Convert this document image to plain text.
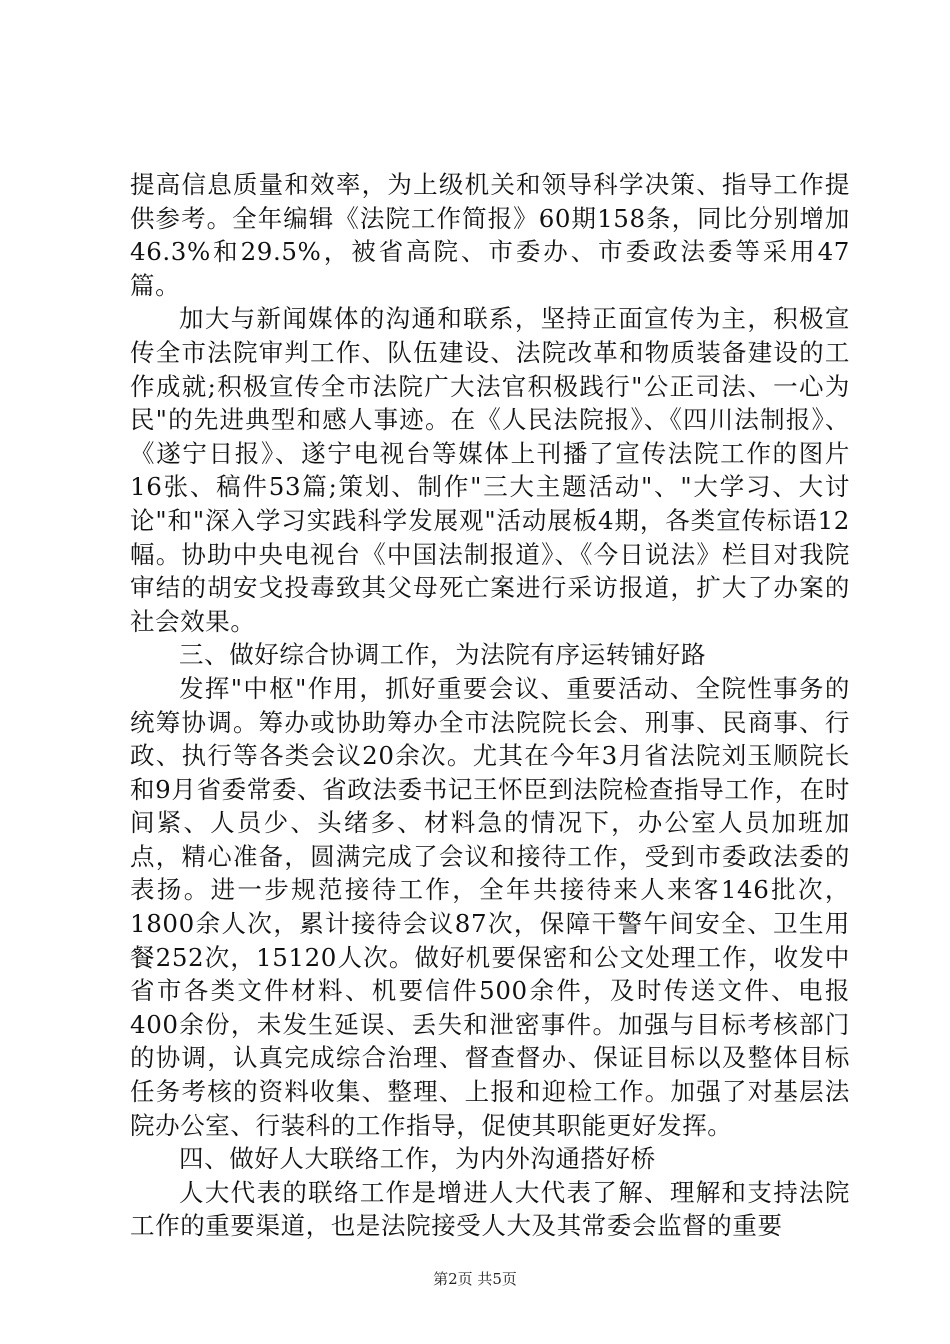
提高信息质量和效率，为上级机关和领导科学决策、指导工作提供参考。全年编辑《法院工作简报》60期158条，同比分别增加46.3%和29.5%，被省高院、市委办、市委政法委等采用47篇。

加大与新闻媒体的沟通和联系，坚持正面宣传为主，积极宣传全市法院审判工作、队伍建设、法院改革和物质装备建设的工作成就;积极宣传全市法院广大法官积极践行"公正司法、一心为民"的先进典型和感人事迹。在《人民法院报》、《四川法制报》、《遂宁日报》、遂宁电视台等媒体上刊播了宣传法院工作的图片16张、稿件53篇;策划、制作"三大主题活动"、"大学习、大讨论"和"深入学习实践科学发展观"活动展板4期，各类宣传标语12幅。协助中央电视台《中国法制报道》、《今日说法》栏目对我院审结的胡安戈投毒致其父母死亡案进行采访报道，扩大了办案的社会效果。

三、做好综合协调工作，为法院有序运转铺好路

发挥"中枢"作用，抓好重要会议、重要活动、全院性事务的统筹协调。筹办或协助筹办全市法院院长会、刑事、民商事、行政、执行等各类会议20余次。尤其在今年3月省法院刘玉顺院长和9月省委常委、省政法委书记王怀臣到法院检查指导工作，在时间紧、人员少、头绪多、材料急的情况下，办公室人员加班加点，精心准备，圆满完成了会议和接待工作，受到市委政法委的表扬。进一步规范接待工作，全年共接待来人来客146批次，1800余人次，累计接待会议87次，保障干警午间安全、卫生用餐252次，15120人次。做好机要保密和公文处理工作，收发中省市各类文件材料、机要信件500余件，及时传送文件、电报400余份，未发生延误、丢失和泄密事件。加强与目标考核部门的协调，认真完成综合治理、督查督办、保证目标以及整体目标任务考核的资料收集、整理、上报和迎检工作。加强了对基层法院办公室、行装科的工作指导，促使其职能更好发挥。

四、做好人大联络工作，为内外沟通搭好桥

人大代表的联络工作是增进人大代表了解、理解和支持法院工作的重要渠道，也是法院接受人大及其常委会监督的重要

第2页 共5页
